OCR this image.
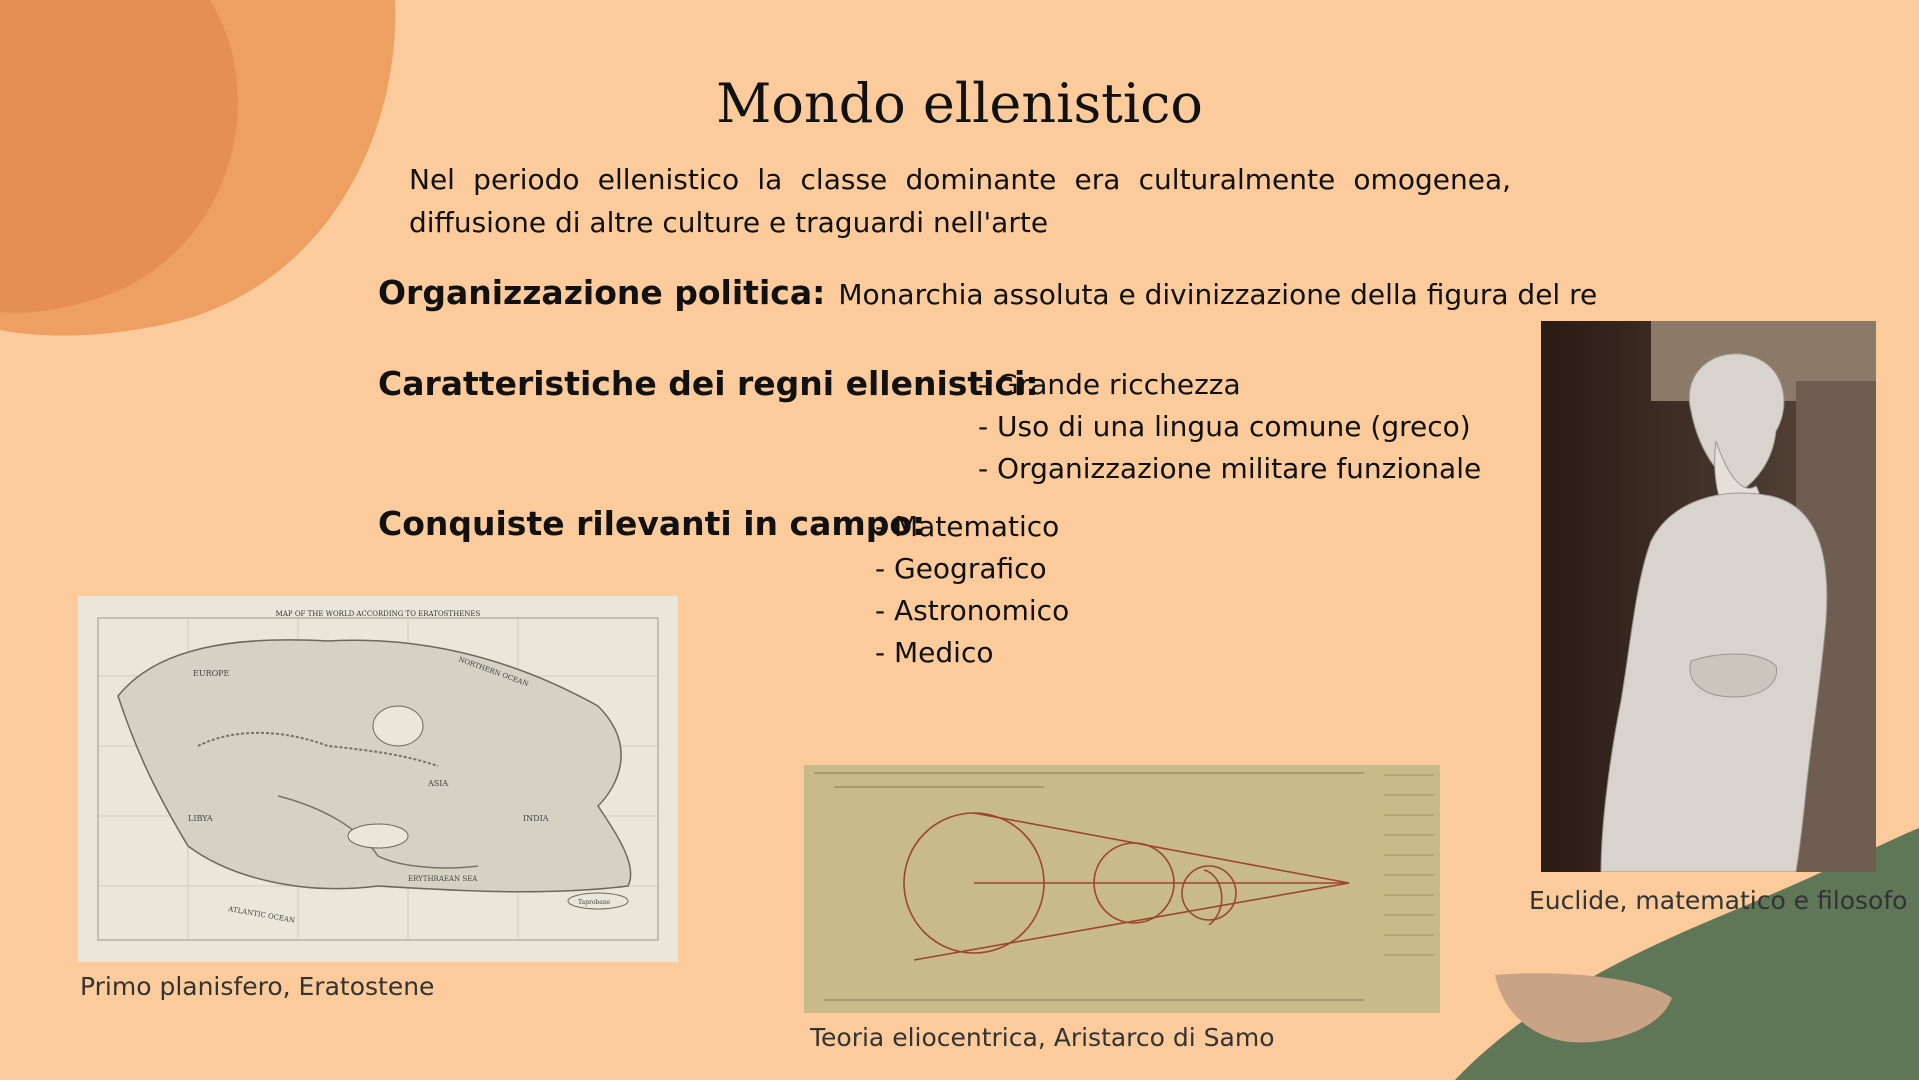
Mondo ellenistico
Nel periodo ellenistico la classe dominante era culturalmente omogenea, diffusione di altre culture e traguardi nell'arte
Organizzazione politica: Monarchia assoluta e divinizzazione della figura del re
Caratteristiche dei regni ellenistici:
- Grande ricchezza
- Uso di una lingua comune (greco)
- Organizzazione militare funzionale
Conquiste rilevanti in campo:
- Matematico
- Geografico
- Astronomico
- Medico
MAP OF THE WORLD ACCORDING TO ERATOSTHENES
NORTHERN OCEAN
EUROPE
ASIA
LIBYA	INDIA
ERYTHRAEAN SEA
ATLANTIC OCEAN
Taprobane
Primo planisfero, Eratostene
Teoria eliocentrica, Aristarco di Samo
Euclide, matematico e filosofo
